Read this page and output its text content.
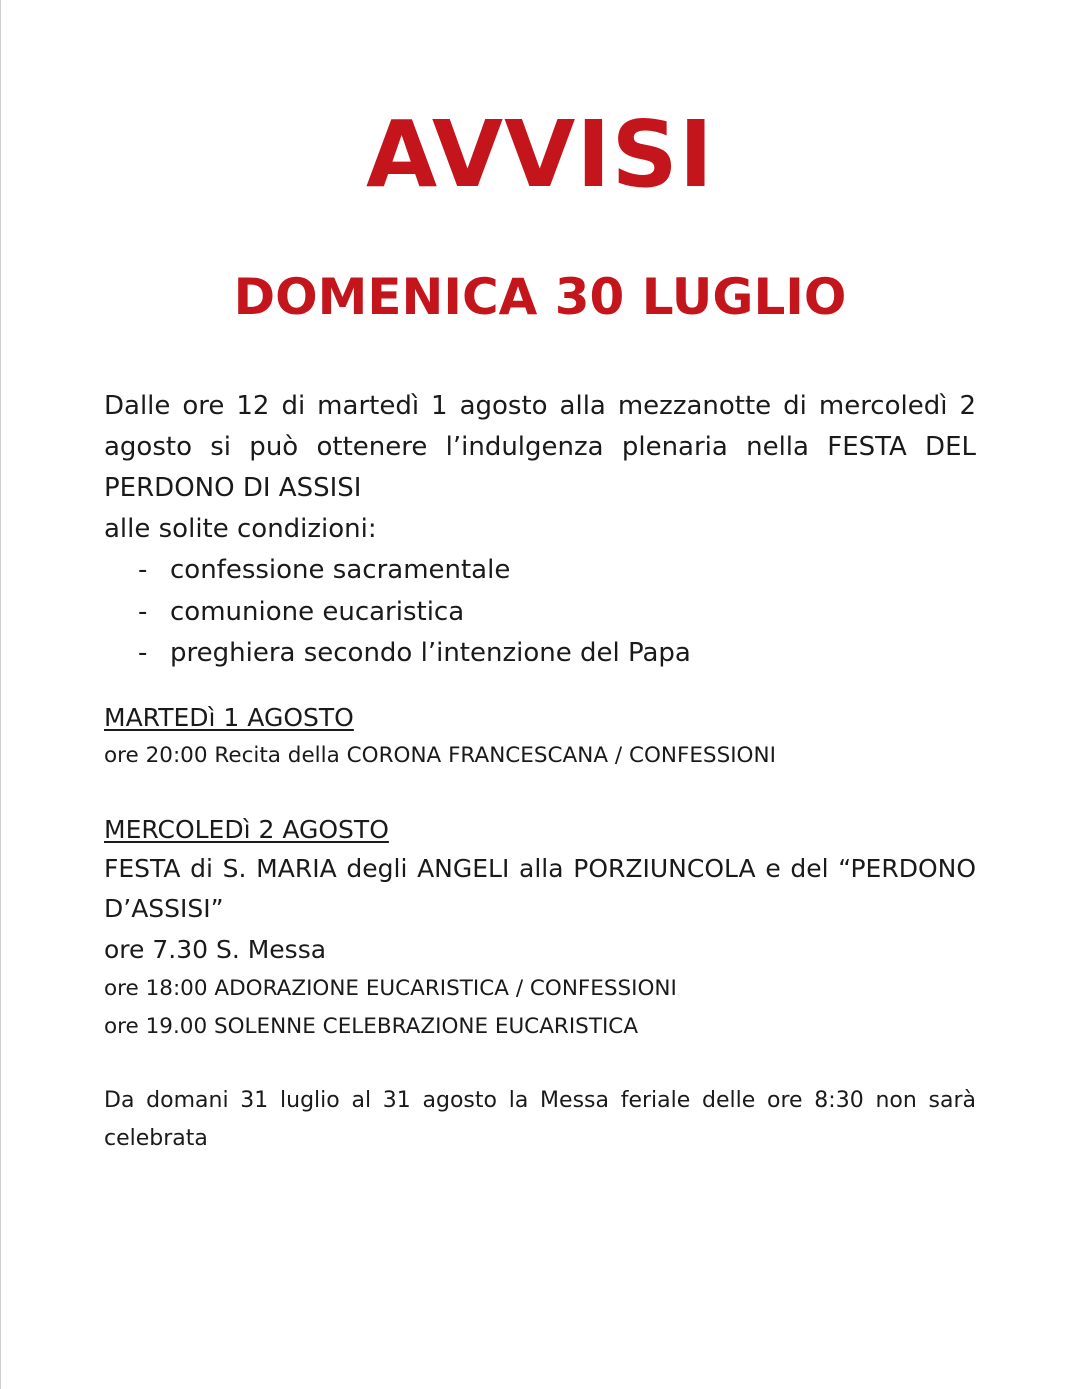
AVVISI
DOMENICA 30 LUGLIO

Dalle ore 12 di martedì 1 agosto alla mezzanotte di mercoledì 2 agosto si può ottenere l’indulgenza plenaria nella FESTA DEL PERDONO DI ASSISI

alle solite condizioni:

- confessione sacramentale
- comunione eucaristica
- preghiera secondo l’intenzione del Papa

MARTEDì 1 AGOSTO

ore 20:00 Recita della CORONA FRANCESCANA / CONFESSIONI

MERCOLEDì 2 AGOSTO

FESTA di S. MARIA degli ANGELI alla PORZIUNCOLA e del “PERDONO D’ASSISI”

ore 7.30 S. Messa

ore 18:00 ADORAZIONE EUCARISTICA / CONFESSIONI

ore 19.00 SOLENNE CELEBRAZIONE EUCARISTICA

Da domani 31 luglio al 31 agosto la Messa feriale delle ore 8:30 non sarà celebrata
